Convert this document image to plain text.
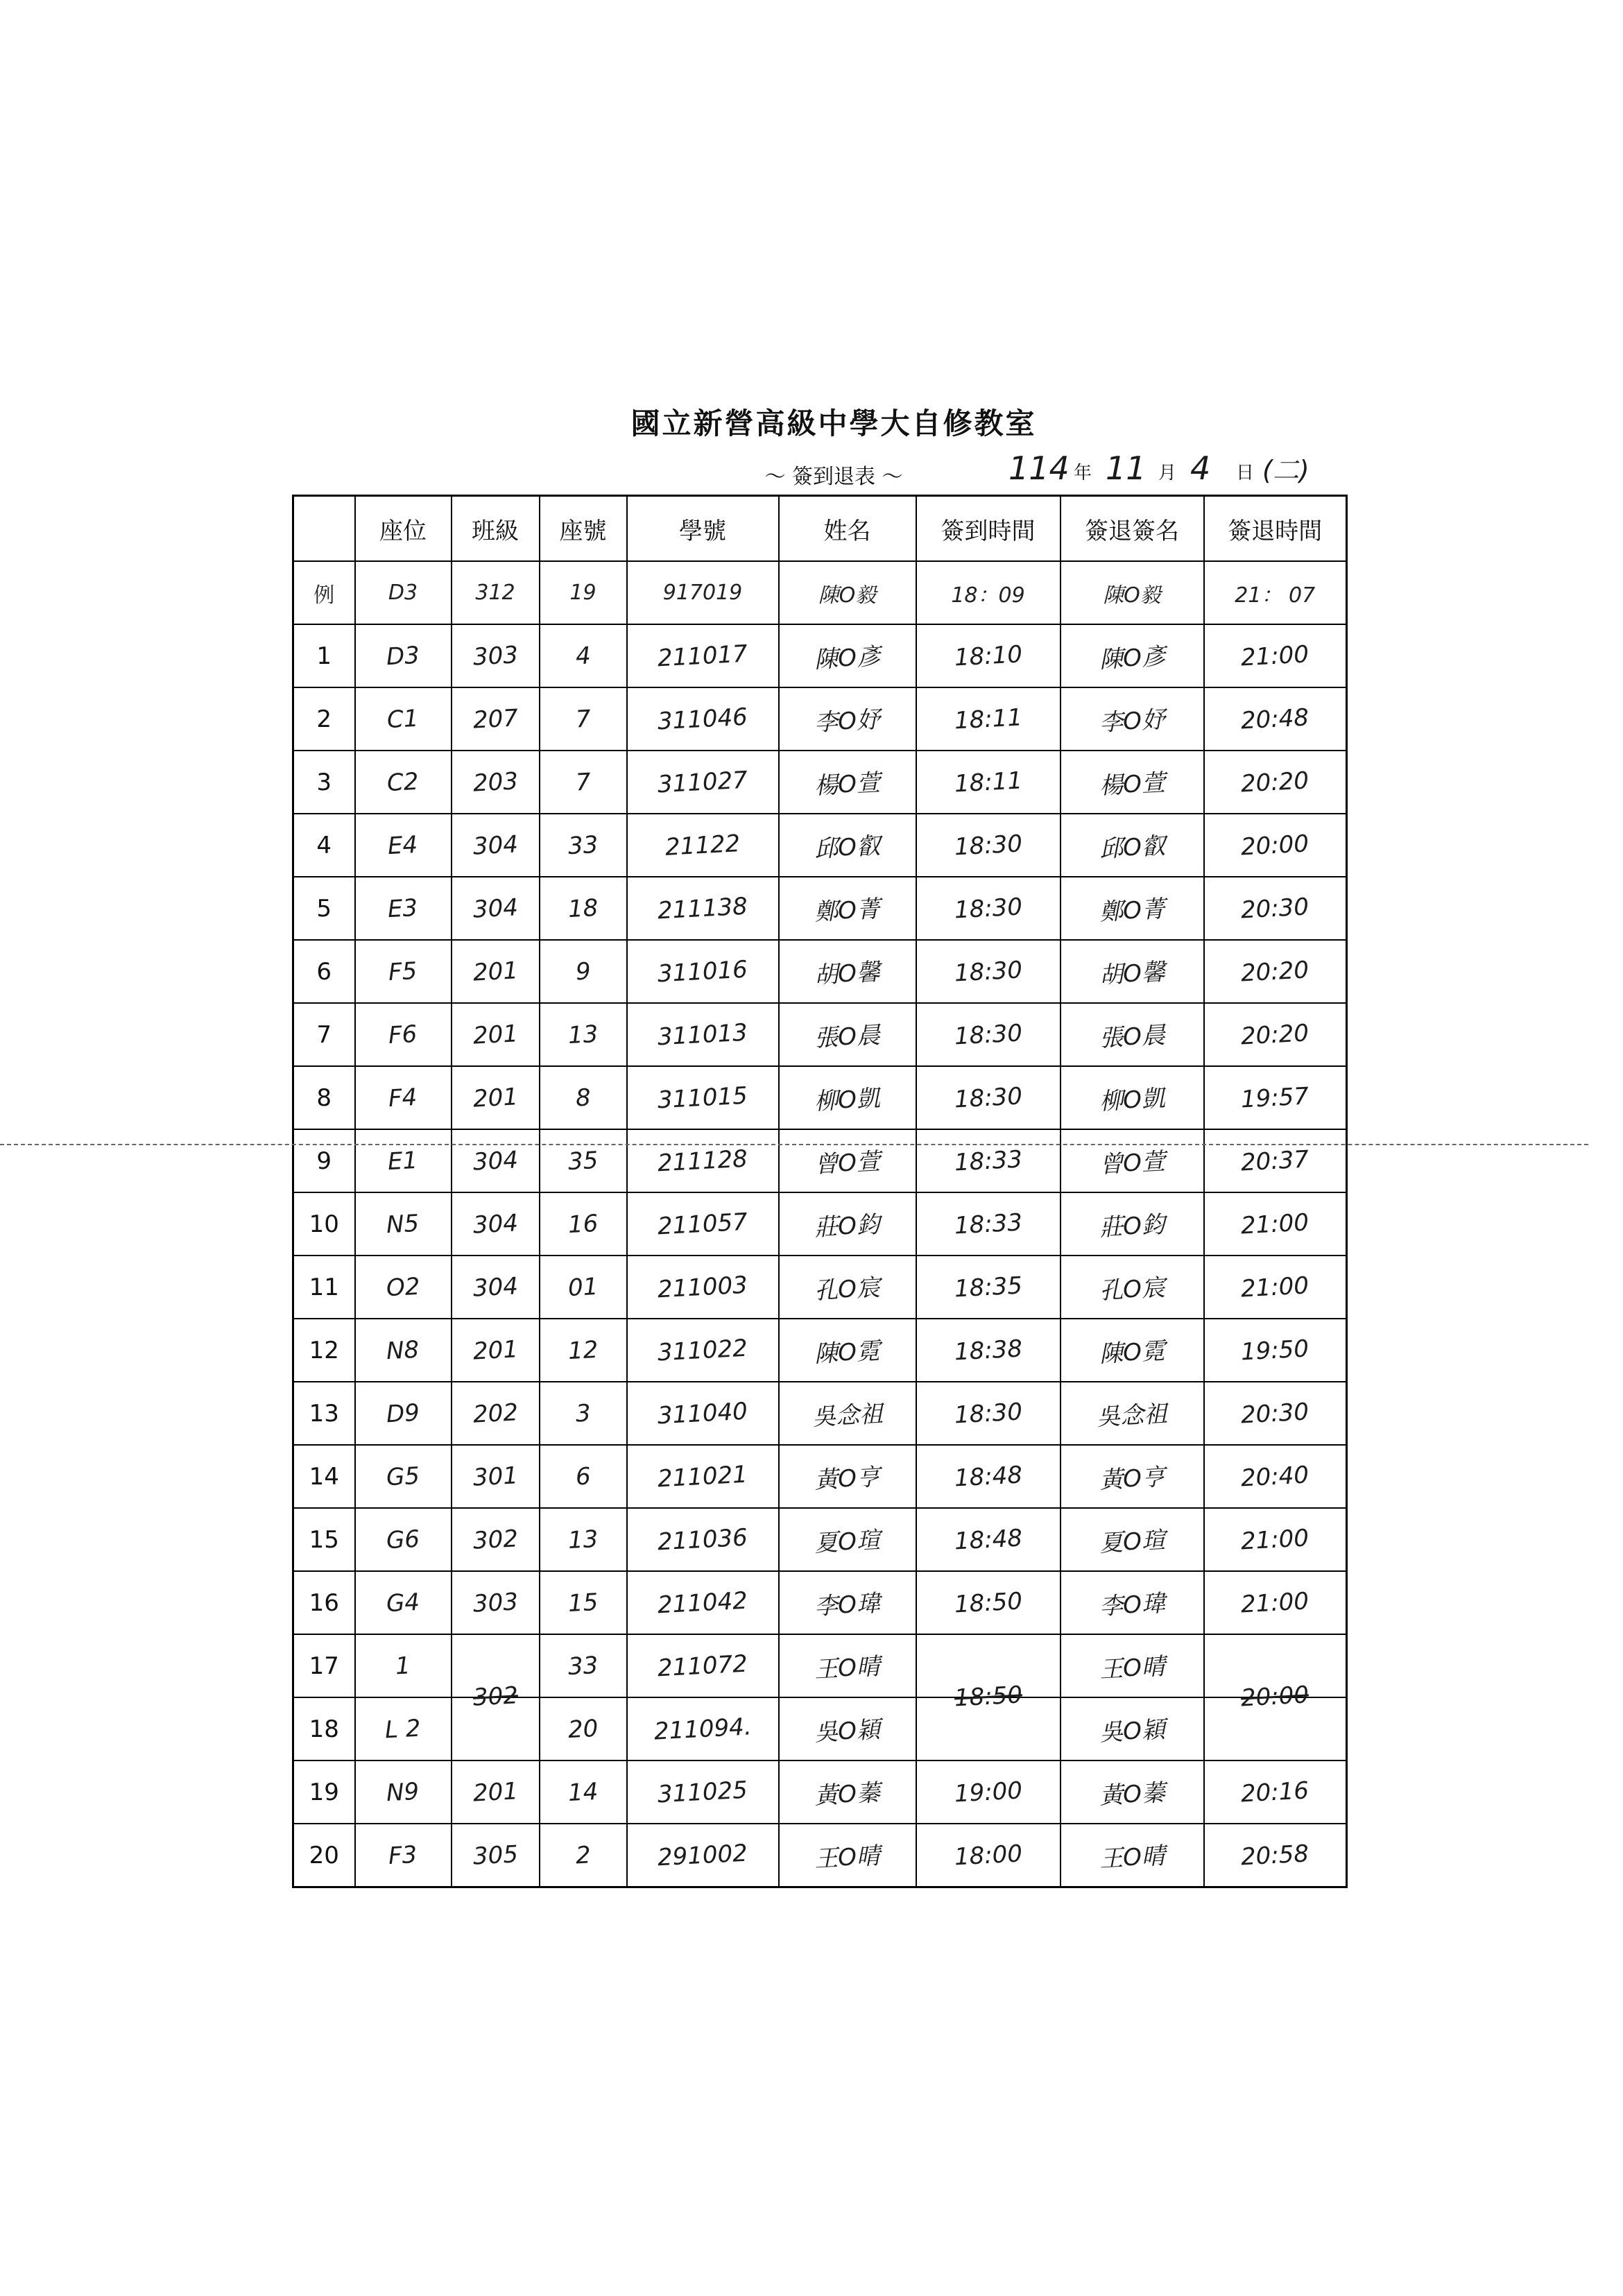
國立新營高級中學大自修教室
～ 簽到退表 ～	114 年 11 月 4 日 (二)
	座位	班級	座號	學號	姓名	簽到時間	簽退簽名	簽退時間
例	D3	312	19	917019	陳O毅	18：09	陳O毅	21： 07
1	D3	303	4	211017	陳O彥	18:10	陳O彥	21:00
2	C1	207	7	311046	李O妤	18:11	李O妤	20:48
3	C2	203	7	311027	楊O萱	18:11	楊O萱	20:20
4	E4	304	33	21122	邱O叡	18:30	邱O叡	20:00
5	E3	304	18	211138	鄭O菁	18:30	鄭O菁	20:30
6	F5	201	9	311016	胡O馨	18:30	胡O馨	20:20
7	F6	201	13	311013	張O晨	18:30	張O晨	20:20
8	F4	201	8	311015	柳O凱	18:30	柳O凱	19:57
9	E1	304	35	211128	曾O萱	18:33	曾O萱	20:37
10	N5	304	16	211057	莊O鈞	18:33	莊O鈞	21:00
11	O2	304	01	211003	孔O宸	18:35	孔O宸	21:00
12	N8	201	12	311022	陳O霓	18:38	陳O霓	19:50
13	D9	202	3	311040	吳念祖	18:30	吳念祖	20:30
14	G5	301	6	211021	黃O亨	18:48	黃O亨	20:40
15	G6	302	13	211036	夏O瑄	18:48	夏O瑄	21:00
16	G4	303	15	211042	李O瑋	18:50	李O瑋	21:00
17	1	302	33	211072	王O晴	18:50	王O晴	20:00
18	L 2		20	211094.	吳O穎		吳O穎	
19	N9	201	14	311025	黃O蓁	19:00	黃O蓁	20:16
20	F3	305	2	291002	王O晴	18:00	王O晴	20:58
